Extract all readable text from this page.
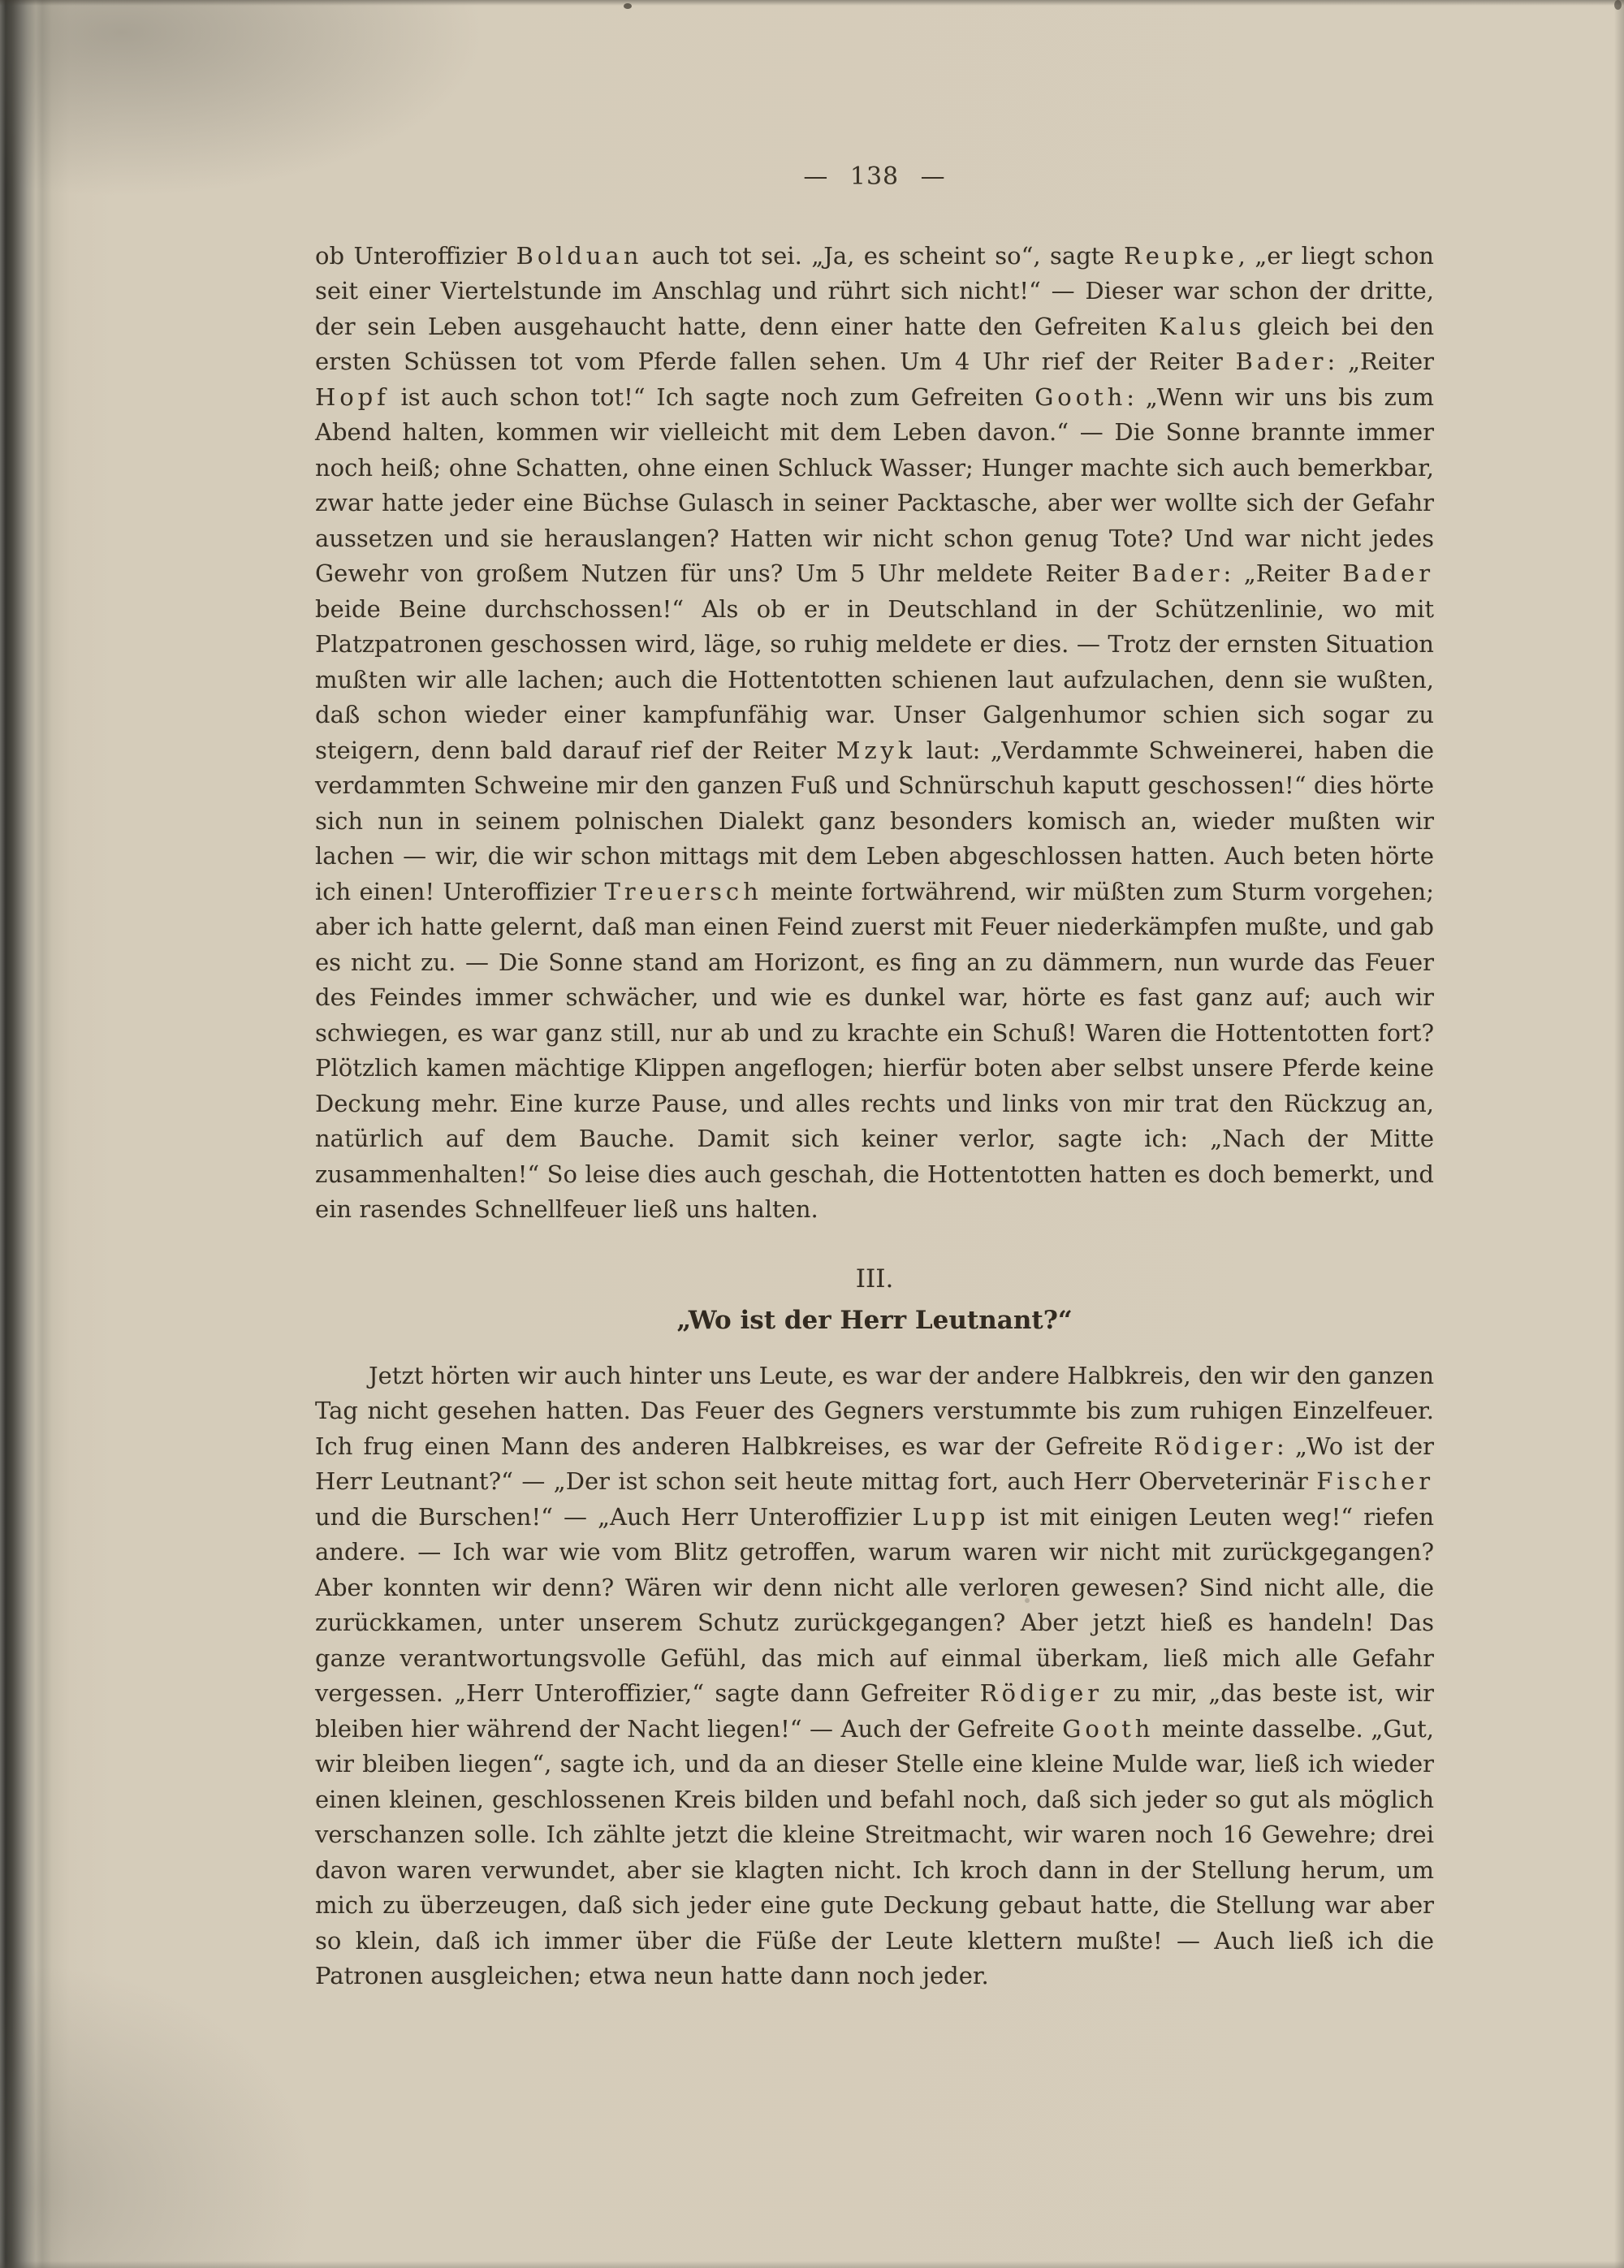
— 138 —

ob Unteroffizier Bolduan auch tot sei. „Ja, es scheint so“, sagte Reupke, „er liegt schon seit einer Viertelstunde im Anschlag und rührt sich nicht!“ — Dieser war schon der dritte, der sein Leben ausgehaucht hatte, denn einer hatte den Gefreiten Kalus gleich bei den ersten Schüssen tot vom Pferde fallen sehen. Um 4 Uhr rief der Reiter Bader: „Reiter Hopf ist auch schon tot!“ Ich sagte noch zum Gefreiten Gooth: „Wenn wir uns bis zum Abend halten, kommen wir vielleicht mit dem Leben davon.“ — Die Sonne brannte immer noch heiß; ohne Schatten, ohne einen Schluck Wasser; Hunger machte sich auch bemerkbar, zwar hatte jeder eine Büchse Gulasch in seiner Packtasche, aber wer wollte sich der Gefahr aussetzen und sie herauslangen? Hatten wir nicht schon genug Tote? Und war nicht jedes Gewehr von großem Nutzen für uns? Um 5 Uhr meldete Reiter Bader: „Reiter Bader beide Beine durchschossen!“ Als ob er in Deutschland in der Schützenlinie, wo mit Platzpatronen geschossen wird, läge, so ruhig meldete er dies. — Trotz der ernsten Situation mußten wir alle lachen; auch die Hottentotten schienen laut aufzulachen, denn sie wußten, daß schon wieder einer kampfunfähig war. Unser Galgenhumor schien sich sogar zu steigern, denn bald darauf rief der Reiter Mzyk laut: „Verdammte Schweinerei, haben die verdammten Schweine mir den ganzen Fuß und Schnürschuh kaputt geschossen!“ dies hörte sich nun in seinem polnischen Dialekt ganz besonders komisch an, wieder mußten wir lachen — wir, die wir schon mittags mit dem Leben abgeschlossen hatten. Auch beten hörte ich einen! Unteroffizier Treuersch meinte fortwährend, wir müßten zum Sturm vorgehen; aber ich hatte gelernt, daß man einen Feind zuerst mit Feuer niederkämpfen mußte, und gab es nicht zu. — Die Sonne stand am Horizont, es fing an zu dämmern, nun wurde das Feuer des Feindes immer schwächer, und wie es dunkel war, hörte es fast ganz auf; auch wir schwiegen, es war ganz still, nur ab und zu krachte ein Schuß! Waren die Hottentotten fort? Plötzlich kamen mächtige Klippen angeflogen; hierfür boten aber selbst unsere Pferde keine Deckung mehr. Eine kurze Pause, und alles rechts und links von mir trat den Rückzug an, natürlich auf dem Bauche. Damit sich keiner verlor, sagte ich: „Nach der Mitte zusammenhalten!“ So leise dies auch geschah, die Hottentotten hatten es doch bemerkt, und ein rasendes Schnellfeuer ließ uns halten.

III.
„Wo ist der Herr Leutnant?“

Jetzt hörten wir auch hinter uns Leute, es war der andere Halbkreis, den wir den ganzen Tag nicht gesehen hatten. Das Feuer des Gegners verstummte bis zum ruhigen Einzelfeuer. Ich frug einen Mann des anderen Halbkreises, es war der Gefreite Rödiger: „Wo ist der Herr Leutnant?“ — „Der ist schon seit heute mittag fort, auch Herr Oberveterinär Fischer und die Burschen!“ — „Auch Herr Unteroffizier Lupp ist mit einigen Leuten weg!“ riefen andere. — Ich war wie vom Blitz getroffen, warum waren wir nicht mit zurückgegangen? Aber konnten wir denn? Wären wir denn nicht alle verloren gewesen? Sind nicht alle, die zurückkamen, unter unserem Schutz zurückgegangen? Aber jetzt hieß es handeln! Das ganze verantwortungsvolle Gefühl, das mich auf einmal überkam, ließ mich alle Gefahr vergessen. „Herr Unteroffizier,“ sagte dann Gefreiter Rödiger zu mir, „das beste ist, wir bleiben hier während der Nacht liegen!“ — Auch der Gefreite Gooth meinte dasselbe. „Gut, wir bleiben liegen“, sagte ich, und da an dieser Stelle eine kleine Mulde war, ließ ich wieder einen kleinen, geschlossenen Kreis bilden und befahl noch, daß sich jeder so gut als möglich verschanzen solle. Ich zählte jetzt die kleine Streitmacht, wir waren noch 16 Gewehre; drei davon waren verwundet, aber sie klagten nicht. Ich kroch dann in der Stellung herum, um mich zu überzeugen, daß sich jeder eine gute Deckung gebaut hatte, die Stellung war aber so klein, daß ich immer über die Füße der Leute klettern mußte! — Auch ließ ich die Patronen ausgleichen; etwa neun hatte dann noch jeder.
